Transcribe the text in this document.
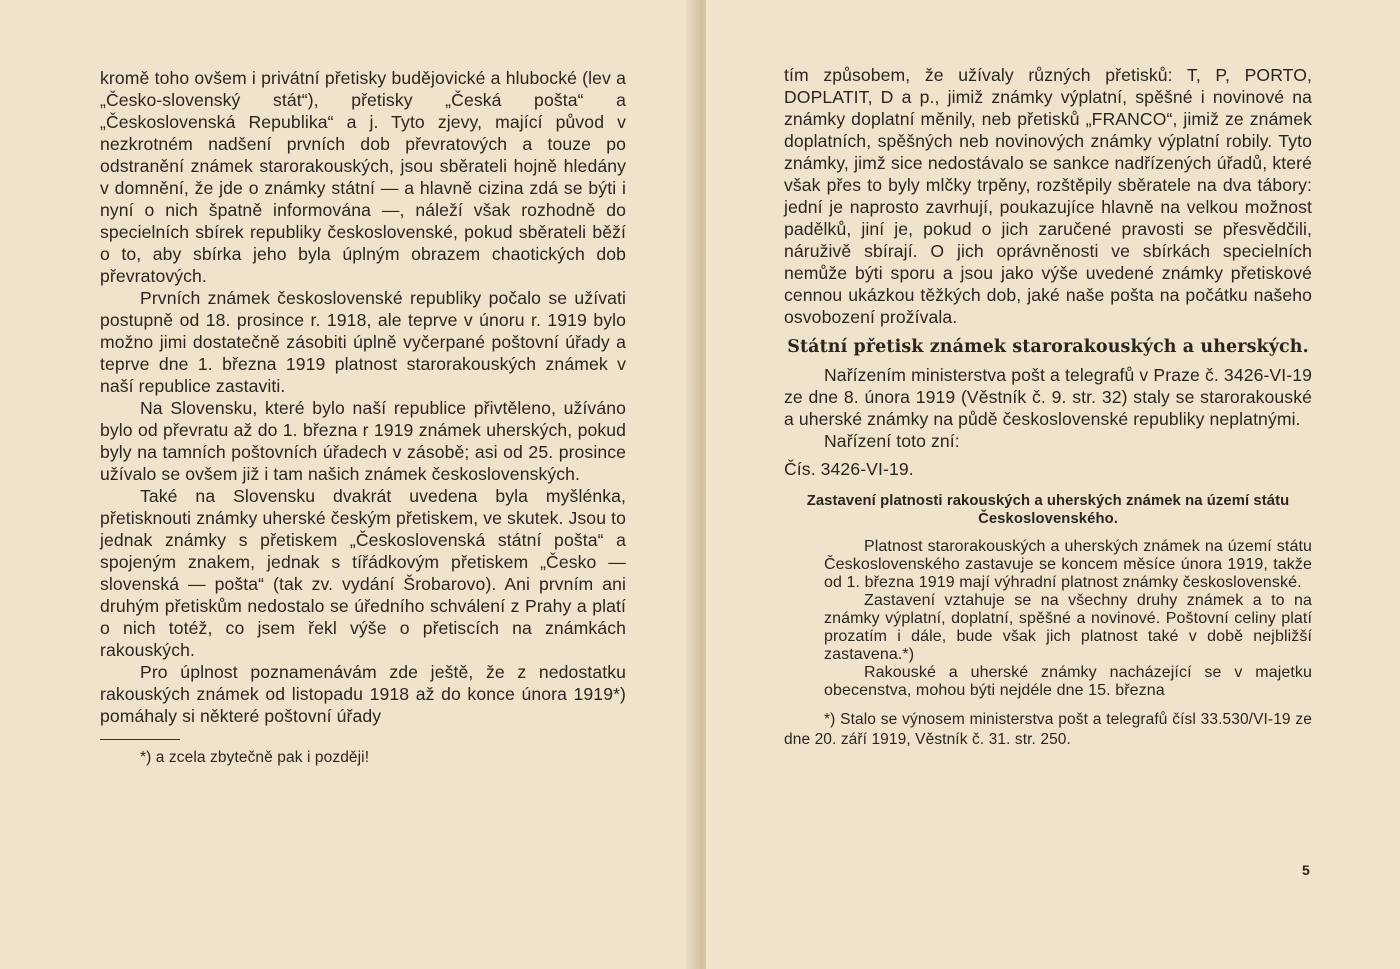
kromě toho ovšem i privátní přetisky budějovické a hlubocké (lev a „Česko-slovenský stát“), přetisky „Česká pošta“ a „Československá Republika“ a j. Tyto zjevy, mající původ v nezkrotném nadšení prvních dob převratových a touze po odstranění známek starorakouských, jsou sběrateli hojně hledány v domnění, že jde o známky státní — a hlavně cizina zdá se býti i nyní o nich špatně informována —, náleží však rozhodně do specielních sbírek republiky československé, pokud sběrateli běží o to, aby sbírka jeho byla úplným obrazem chaotických dob převratových.

Prvních známek československé republiky počalo se užívati postupně od 18. prosince r. 1918, ale teprve v únoru r. 1919 bylo možno jimi dostatečně zásobiti úplně vyčerpané poštovní úřady a teprve dne 1. března 1919 platnost starorakouských známek v naší republice zastaviti.

Na Slovensku, které bylo naší republice přivtěleno, užíváno bylo od převratu až do 1. března r 1919 známek uherských, pokud byly na tamních poštovních úřadech v zásobě; asi od 25. prosince užívalo se ovšem již i tam našich známek československých.

Také na Slovensku dvakrát uvedena byla myšlénka, přetisknouti známky uherské českým přetiskem, ve skutek. Jsou to jednak známky s přetiskem „Československá státní pošta“ a spojeným znakem, jednak s tířádkovým přetiskem „Česko — slovenská — pošta“ (tak zv. vydání Šrobarovo). Ani prvním ani druhým přetiskům nedostalo se úředního schválení z Prahy a platí o nich totéž, co jsem řekl výše o přetiscích na známkách rakouských.

Pro úplnost poznamenávám zde ještě, že z nedostatku rakouských známek od listopadu 1918 až do konce února 1919*) pomáhaly si některé poštovní úřady

*) a zcela zbytečně pak i později!

tím způsobem, že užívaly různých přetisků: T, P, PORTO, DOPLATIT, D a p., jimiž známky výplatní, spěšné i novinové na známky doplatní měnily, neb přetisků „FRANCO“, jimiž ze známek doplatních, spěšných neb novinových známky výplatní robily. Tyto známky, jimž sice nedostávalo se sankce nadřízených úřadů, které však přes to byly mlčky trpěny, rozštěpily sběratele na dva tábory: jední je naprosto zavrhují, poukazujíce hlavně na velkou možnost padělků, jiní je, pokud o jich zaručené pravosti se přesvědčili, náruživě sbírají. O jich oprávněnosti ve sbírkách specielních nemůže býti sporu a jsou jako výše uvedené známky přetiskové cennou ukázkou těžkých dob, jaké naše pošta na počátku našeho osvobození prožívala.

Státní přetisk známek starorakouských a uherských.

Nařízením ministerstva pošt a telegrafů v Praze č. 3426-VI-19 ze dne 8. února 1919 (Věstník č. 9. str. 32) staly se starorakouské a uherské známky na půdě československé republiky neplatnými.

Nařízení toto zní:

Čís. 3426-VI-19.

Zastavení platnosti rakouských a uherských známek na území státu Československého.

Platnost starorakouských a uherských známek na území státu Československého zastavuje se koncem měsíce února 1919, takže od 1. března 1919 mají výhradní platnost známky československé.

Zastavení vztahuje se na všechny druhy známek a to na známky výplatní, doplatní, spěšné a novinové. Poštovní celiny platí prozatím i dále, bude však jich platnost také v době nejbližší zastavena.*)

Rakouské a uherské známky nacházející se v majetku obecenstva, mohou býti nejdéle dne 15. března

*) Stalo se výnosem ministerstva pošt a telegrafů čísl 33.530/VI-19 ze dne 20. září 1919, Věstník č. 31. str. 250.

5
